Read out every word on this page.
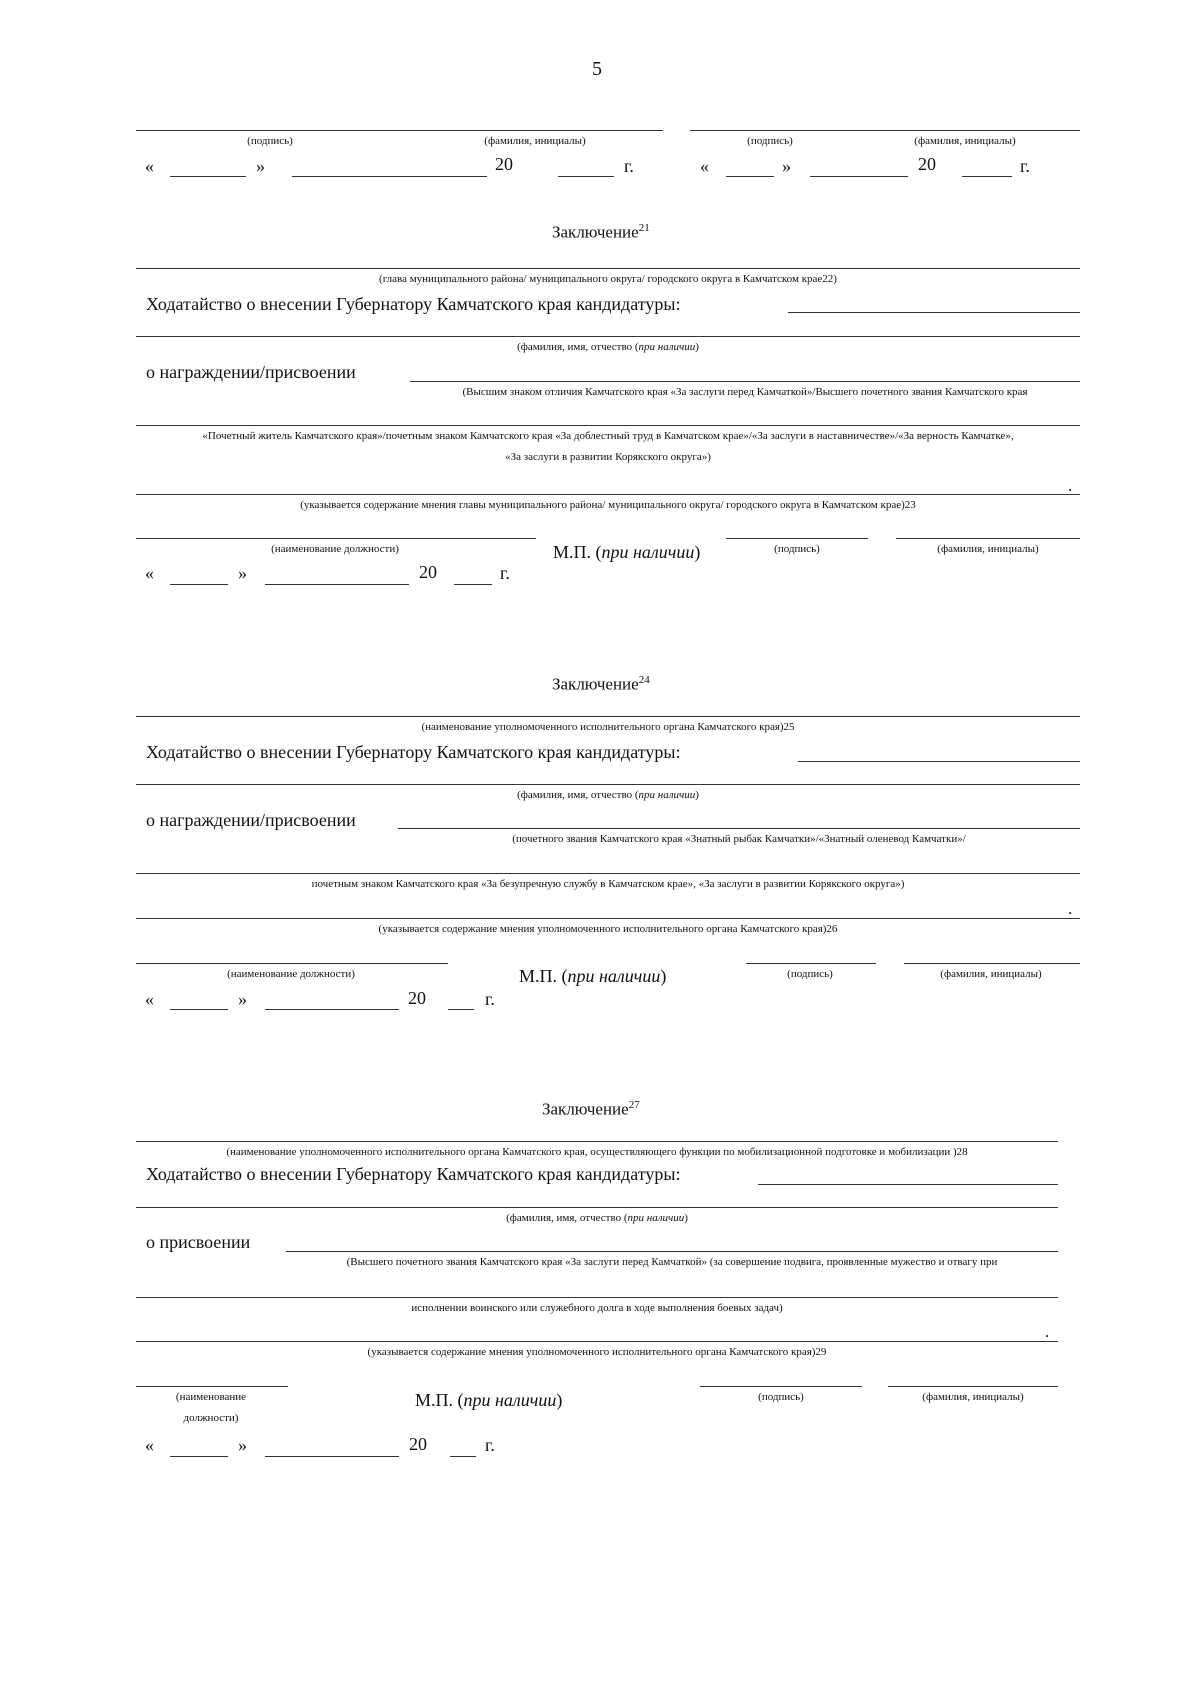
5
(подпись)	(фамилия, инициалы)	(подпись)	(фамилия, инициалы)
«	»	20	г.	«	»	20	г.
Заключение$^{21}$
(глава муниципального района/ муниципального округа/ городского округа в Камчатском крае22)
Ходатайство о внесении Губернатору Камчатского края кандидатуры:
(фамилия, имя, отчество (при наличии)
о награждении/присвоении
(Высшим знаком отличия Камчатского края «За заслуги перед Камчаткой»/Высшего почетного звания Камчатского края
«Почетный житель Камчатского края»/почетным знаком Камчатского края «За доблестный труд в Камчатском крае»/«За заслуги в наставничестве»/«За верность Камчатке»,
«За заслуги в развитии Корякского округа»)
.
(указывается содержание мнения главы муниципального района/ муниципального округа/ городского округа в Камчатском крае)23
(наименование должности)	М.П. (при наличии)	(подпись)	(фамилия, инициалы)
«	»	20	г.
Заключение$^{24}$
(наименование уполномоченного исполнительного органа Камчатского края)25
Ходатайство о внесении Губернатору Камчатского края кандидатуры:
(фамилия, имя, отчество (при наличии)
о награждении/присвоении
(почетного звания Камчатского края «Знатный рыбак Камчатки»/«Знатный оленевод Камчатки»/
почетным знаком Камчатского края «За безупречную службу в Камчатском крае», «За заслуги в развитии Корякского округа»)
.
(указывается содержание мнения уполномоченного исполнительного органа Камчатского края)26
(наименование должности)	М.П. (при наличии)	(подпись)	(фамилия, инициалы)
«	»	20	г.
Заключение$^{27}$
(наименование уполномоченного исполнительного органа Камчатского края, осуществляющего функции по мобилизационной подготовке и мобилизации )28
Ходатайство о внесении Губернатору Камчатского края кандидатуры:
(фамилия, имя, отчество (при наличии)
о присвоении
(Высшего почетного звания Камчатского края «За заслуги перед Камчаткой» (за совершение подвига, проявленные мужество и отвагу при
исполнении воинского или служебного долга в ходе выполнения боевых задач)
.
(указывается содержание мнения уполномоченного исполнительного органа Камчатского края)29
(наименование
должности)
М.П. (при наличии)	(подпись)	(фамилия, инициалы)
«	»	20	г.
